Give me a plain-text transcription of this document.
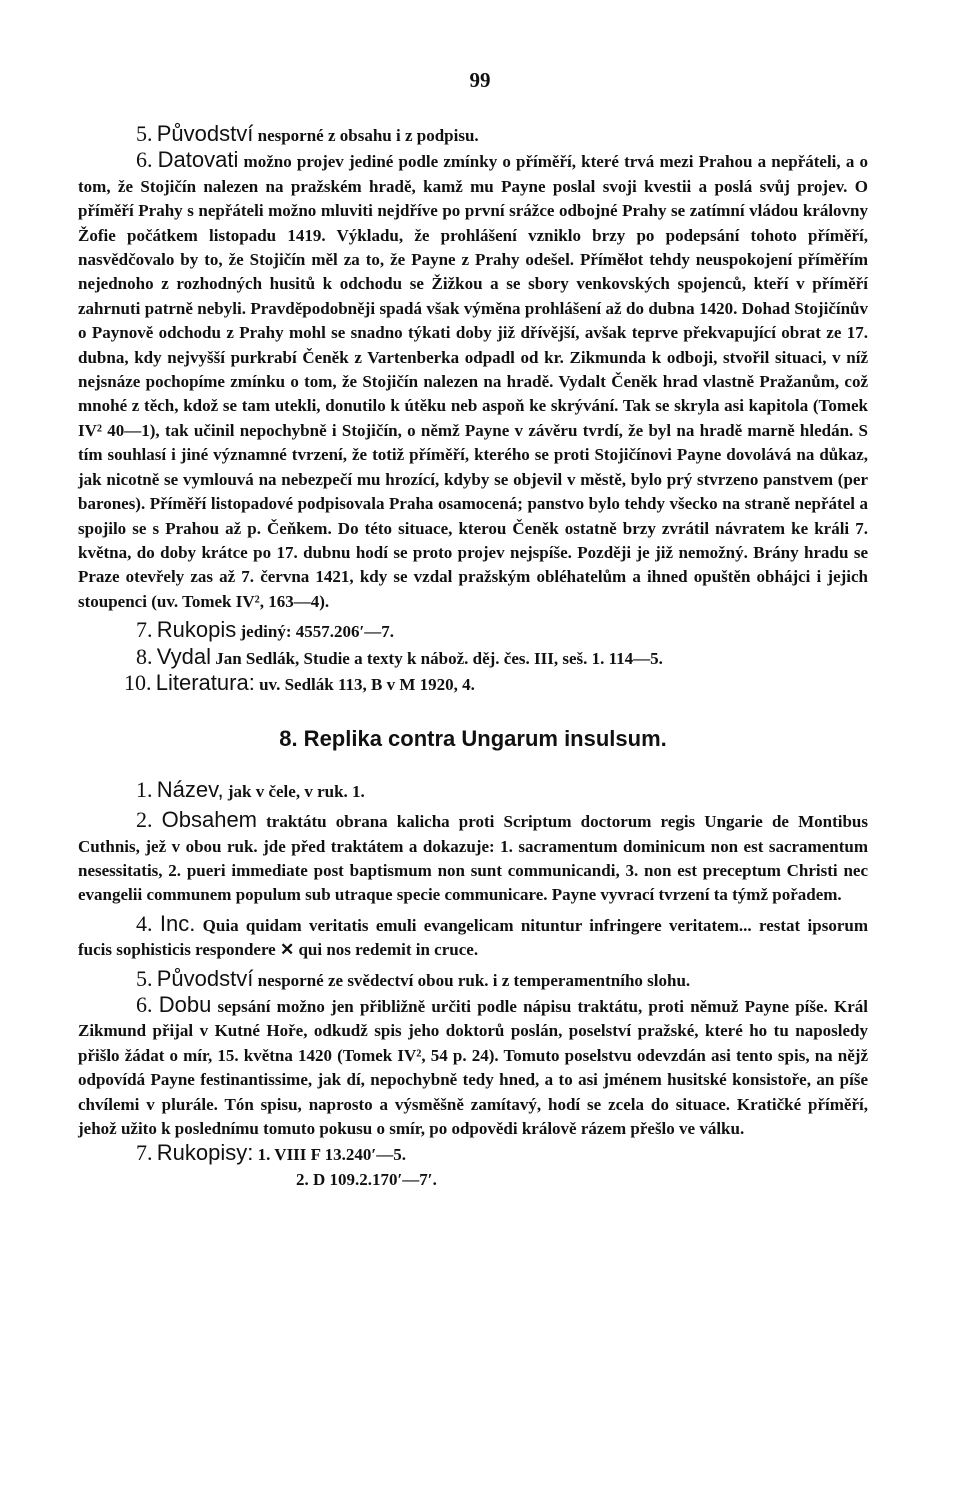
99

5. Původství nesporné z obsahu i z podpisu.

6. Datovati možno projev jediné podle zmínky o příměří, které trvá mezi Prahou a nepřáteli, a o tom, že Stojičín nalezen na pražském hradě, kamž mu Payne poslal svoji kvestii a poslá svůj projev. O příměří Prahy s nepřáteli možno mluviti nejdříve po první srážce odbojné Prahy se zatímní vládou královny Žofie počátkem listopadu 1419. Výkladu, že prohlášení vzniklo brzy po podepsání tohoto příměří, nasvědčovalo by to, že Stojičín měl za to, že Payne z Prahy odešel. Příměłot tehdy neuspokojení příměřím nejednoho z rozhodných husitů k odchodu se Žižkou a se sbory venkovských spojenců, kteří v příměří zahrnuti patrně nebyli. Pravděpodobněji spadá však výměna prohlášení až do dubna 1420. Dohad Stojičínův o Paynově odchodu z Prahy mohl se snadno týkati doby již dřívější, avšak teprve překvapující obrat ze 17. dubna, kdy nejvyšší purkrabí Čeněk z Vartenberka odpadl od kr. Zikmunda k odboji, stvořil situaci, v níž nejsnáze pochopíme zmínku o tom, že Stojičín nalezen na hradě. Vydalt Čeněk hrad vlastně Pražanům, což mnohé z těch, kdož se tam utekli, donutilo k útěku neb aspoň ke skrývání. Tak se skryla asi kapitola (Tomek IV² 40—1), tak učinil nepochybně i Stojičín, o němž Payne v závěru tvrdí, že byl na hradě marně hledán. S tím souhlasí i jiné významné tvrzení, že totiž příměří, kterého se proti Stojičínovi Payne dovolává na důkaz, jak nicotně se vymlouvá na nebezpečí mu hrozící, kdyby se objevil v městě, bylo prý stvrzeno panstvem (per barones). Příměří listopadové podpisovala Praha osamocená; panstvo bylo tehdy všecko na straně nepřátel a spojilo se s Prahou až p. Čeňkem. Do této situace, kterou Čeněk ostatně brzy zvrátil návratem ke králi 7. května, do doby krátce po 17. dubnu hodí se proto projev nejspíše. Později je již nemožný. Brány hradu se Praze otevřely zas až 7. června 1421, kdy se vzdal pražským obléhatelům a ihned opuštěn obhájci i jejich stoupenci (uv. Tomek IV², 163—4).

7. Rukopis jediný: 4557.206′—7.

8. Vydal Jan Sedlák, Studie a texty k nábož. děj. čes. III, seš. 1. 114—5.

10. Literatura: uv. Sedlák 113, B v M 1920, 4.

8. Replika contra Ungarum insulsum.

1. Název, jak v čele, v ruk. 1.

2. Obsahem traktátu obrana kalicha proti Scriptum doctorum regis Ungarie de Montibus Cuthnis, jež v obou ruk. jde před traktátem a dokazuje: 1. sacramentum dominicum non est sacramentum nesessitatis, 2. pueri immediate post baptismum non sunt communicandi, 3. non est preceptum Christi nec evangelii communem populum sub utraque specie communicare. Payne vyvrací tvrzení ta týmž pořadem.

4. Inc. Quia quidam veritatis emuli evangelicam nituntur infringere veritatem... restat ipsorum fucis sophisticis respondere ✕ qui nos redemit in cruce.

5. Původství nesporné ze svědectví obou ruk. i z temperamentního slohu.

6. Dobu sepsání možno jen přibližně určiti podle nápisu traktátu, proti němuž Payne píše. Král Zikmund přijal v Kutné Hoře, odkudž spis jeho doktorů poslán, poselství pražské, které ho tu naposledy přišlo žádat o mír, 15. května 1420 (Tomek IV², 54 p. 24). Tomuto poselstvu odevzdán asi tento spis, na nějž odpovídá Payne festinantissime, jak dí, nepochybně tedy hned, a to asi jménem husitské konsistoře, an píše chvílemi v plurále. Tón spisu, naprosto a výsměšně zamítavý, hodí se zcela do situace. Kratičké příměří, jehož užito k poslednímu tomuto pokusu o smír, po odpovědi králově rázem přešlo ve válku.

7. Rukopisy: 1. VIII F 13.240′—5.

2. D 109.2.170′—7′.
